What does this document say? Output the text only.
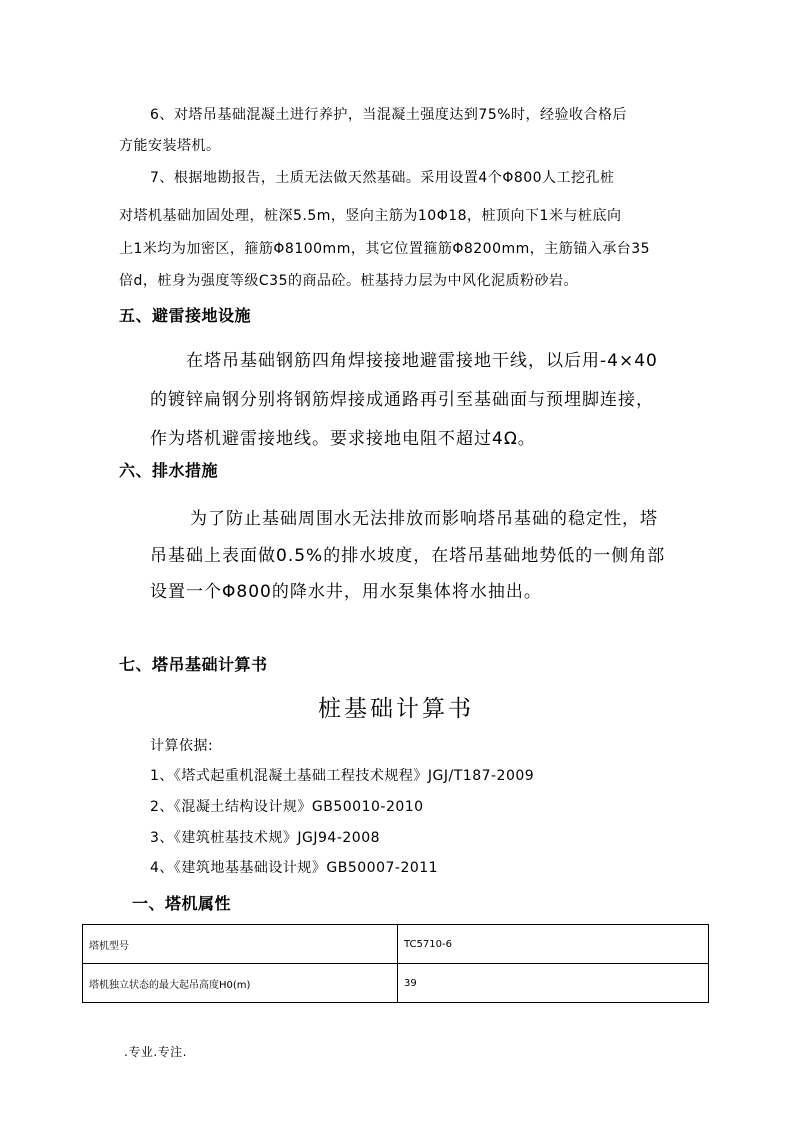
6、对塔吊基础混凝土进行养护，当混凝土强度达到75%时，经验收合格后
方能安装塔机。
7、根据地勘报告，土质无法做天然基础。采用设置4个Φ800人工挖孔桩
对塔机基础加固处理，桩深5.5m，竖向主筋为10Φ18，桩顶向下1米与桩底向
上1米均为加密区，箍筋Φ8100mm，其它位置箍筋Φ8200mm，主筋锚入承台35
倍d，桩身为强度等级C35的商品砼。桩基持力层为中风化泥质粉砂岩。
五、避雷接地设施
在塔吊基础钢筋四角焊接接地避雷接地干线，以后用-4×40
的镀锌扁钢分别将钢筋焊接成通路再引至基础面与预埋脚连接，
作为塔机避雷接地线。要求接地电阻不超过4Ω。
六、排水措施
为了防止基础周围水无法排放而影响塔吊基础的稳定性，塔
吊基础上表面做0.5%的排水坡度，在塔吊基础地势低的一侧角部
设置一个Φ800的降水井，用水泵集体将水抽出。
七、塔吊基础计算书
桩基础计算书
计算依据:
1、《塔式起重机混凝土基础工程技术规程》JGJ/T187-2009
2、《混凝土结构设计规》GB50010-2010
3、《建筑桩基技术规》JGJ94-2008
4、《建筑地基基础设计规》GB50007-2011
一、塔机属性
塔机型号	TC5710-6
塔机独立状态的最大起吊高度H0(m)	39
.专业.专注.
